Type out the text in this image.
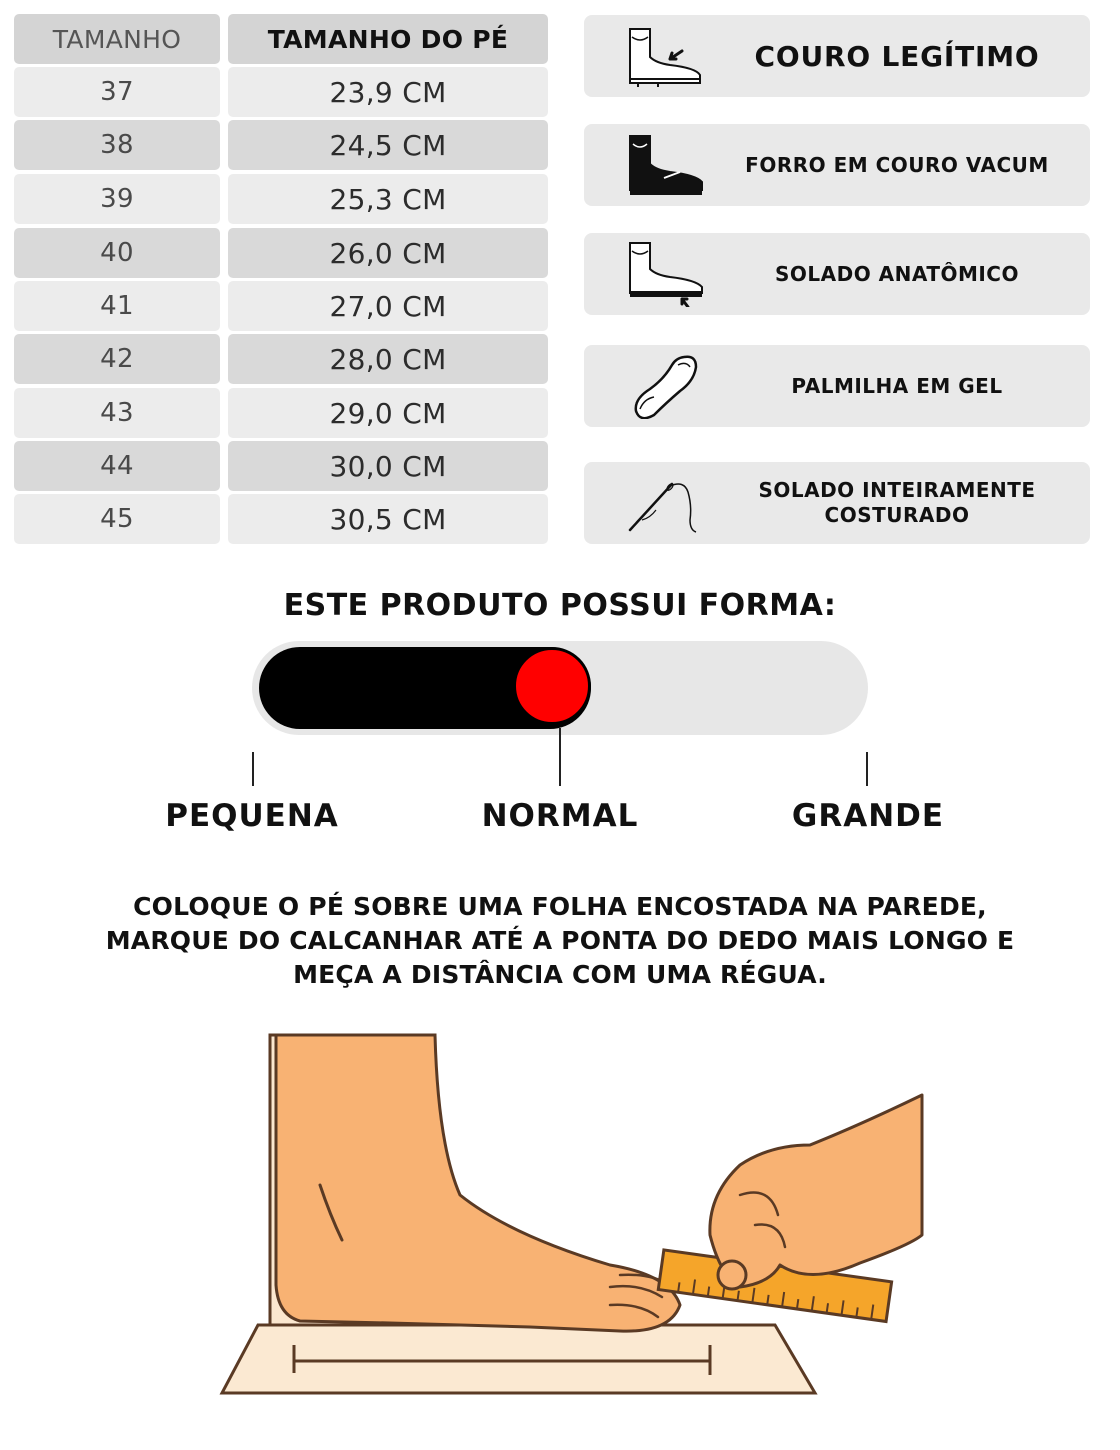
TAMANHO	TAMANHO DO PÉ
37	23,9 CM
38	24,5 CM
39	25,3 CM
40	26,0 CM
41	27,0 CM
42	28,0 CM
43	29,0 CM
44	30,0 CM
45	30,5 CM
COURO LEGÍTIMO
FORRO EM COURO VACUM
SOLADO ANATÔMICO
PALMILHA EM GEL
SOLADO INTEIRAMENTE
COSTURADO
ESTE PRODUTO POSSUI FORMA:
PEQUENA	NORMAL	GRANDE
COLOQUE O PÉ SOBRE UMA FOLHA ENCOSTADA NA PAREDE,
MARQUE DO CALCANHAR ATÉ A PONTA DO DEDO MAIS LONGO E
MEÇA A DISTÂNCIA COM UMA RÉGUA.
